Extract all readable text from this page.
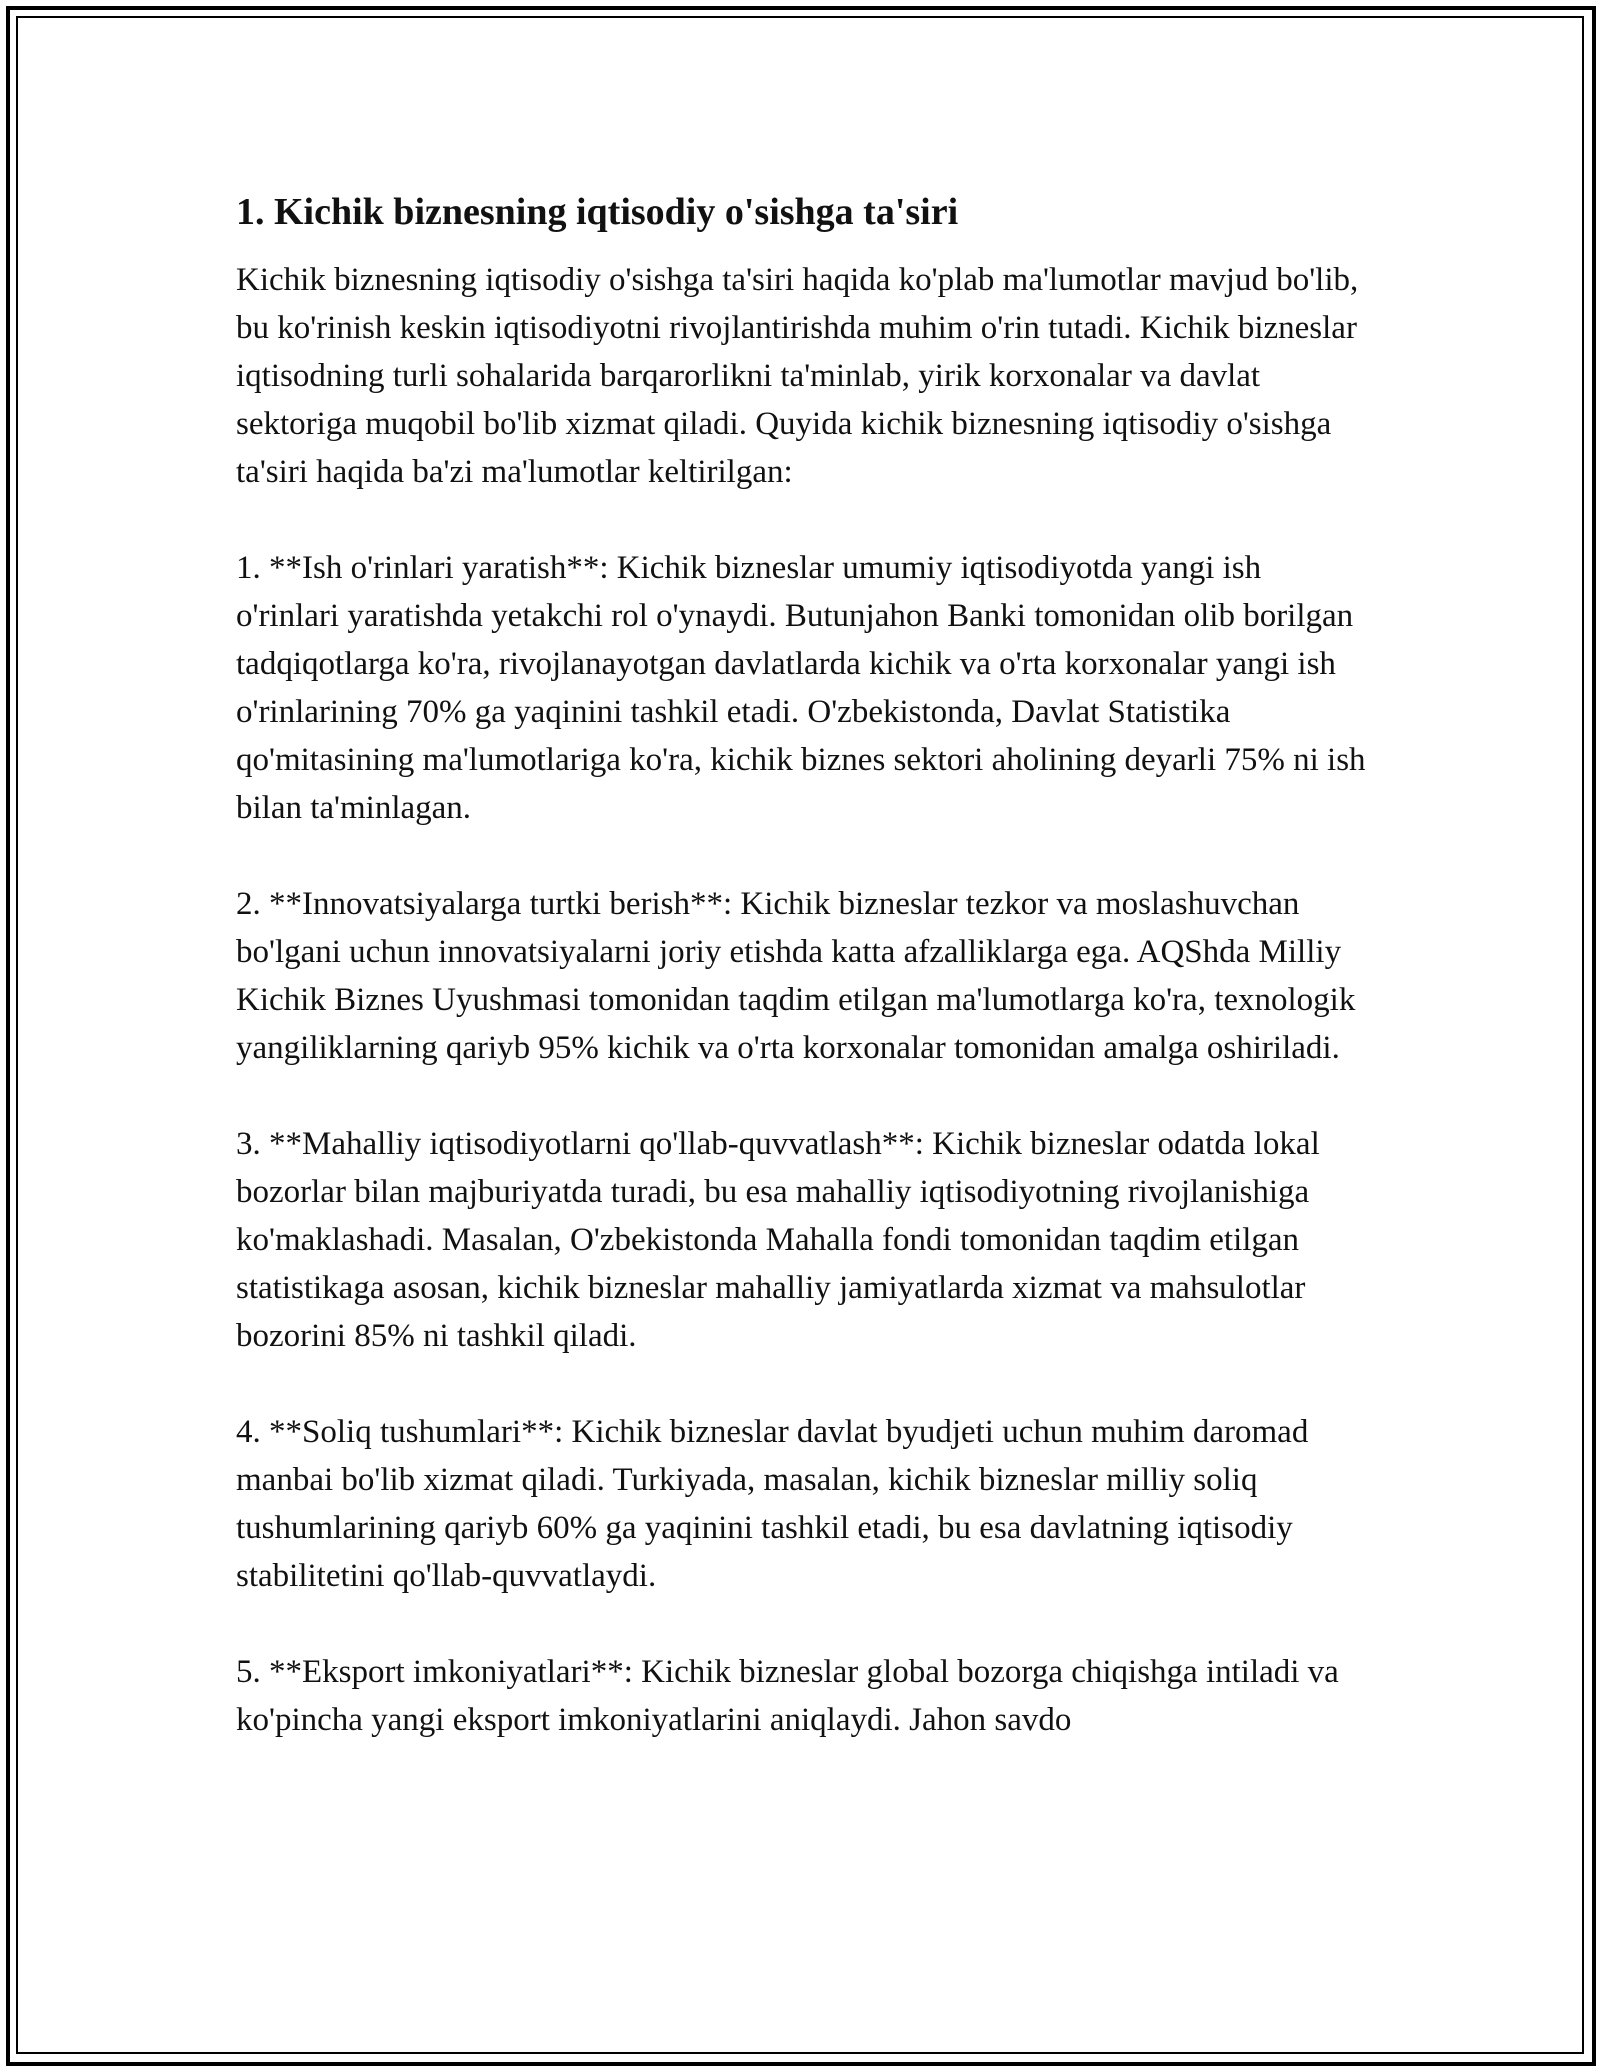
1. Kichik biznesning iqtisodiy o'sishga ta'siri

Kichik biznesning iqtisodiy o'sishga ta'siri haqida ko'plab ma'lumotlar mavjud bo'lib, bu ko'rinish keskin iqtisodiyotni rivojlantirishda muhim o'rin tutadi. Kichik bizneslar iqtisodning turli sohalarida barqarorlikni ta'minlab, yirik korxonalar va davlat sektoriga muqobil bo'lib xizmat qiladi. Quyida kichik biznesning iqtisodiy o'sishga ta'siri haqida ba'zi ma'lumotlar keltirilgan:

1. **Ish o'rinlari yaratish**: Kichik bizneslar umumiy iqtisodiyotda yangi ish o'rinlari yaratishda yetakchi rol o'ynaydi. Butunjahon Banki tomonidan olib borilgan tadqiqotlarga ko'ra, rivojlanayotgan davlatlarda kichik va o'rta korxonalar yangi ish o'rinlarining 70% ga yaqinini tashkil etadi. O'zbekistonda, Davlat Statistika qo'mitasining ma'lumotlariga ko'ra, kichik biznes sektori aholining deyarli 75% ni ish bilan ta'minlagan.

2. **Innovatsiyalarga turtki berish**: Kichik bizneslar tezkor va moslashuvchan bo'lgani uchun innovatsiyalarni joriy etishda katta afzalliklarga ega. AQShda Milliy Kichik Biznes Uyushmasi tomonidan taqdim etilgan ma'lumotlarga ko'ra, texnologik yangiliklarning qariyb 95% kichik va o'rta korxonalar tomonidan amalga oshiriladi.

3. **Mahalliy iqtisodiyotlarni qo'llab-quvvatlash**: Kichik bizneslar odatda lokal bozorlar bilan majburiyatda turadi, bu esa mahalliy iqtisodiyotning rivojlanishiga ko'maklashadi. Masalan, O'zbekistonda Mahalla fondi tomonidan taqdim etilgan statistikaga asosan, kichik bizneslar mahalliy jamiyatlarda xizmat va mahsulotlar bozorini 85% ni tashkil qiladi.

4. **Soliq tushumlari**: Kichik bizneslar davlat byudjeti uchun muhim daromad manbai bo'lib xizmat qiladi. Turkiyada, masalan, kichik bizneslar milliy soliq tushumlarining qariyb 60% ga yaqinini tashkil etadi, bu esa davlatning iqtisodiy stabilitetini qo'llab-quvvatlaydi.

5. **Eksport imkoniyatlari**: Kichik bizneslar global bozorga chiqishga intiladi va ko'pincha yangi eksport imkoniyatlarini aniqlaydi. Jahon savdo
